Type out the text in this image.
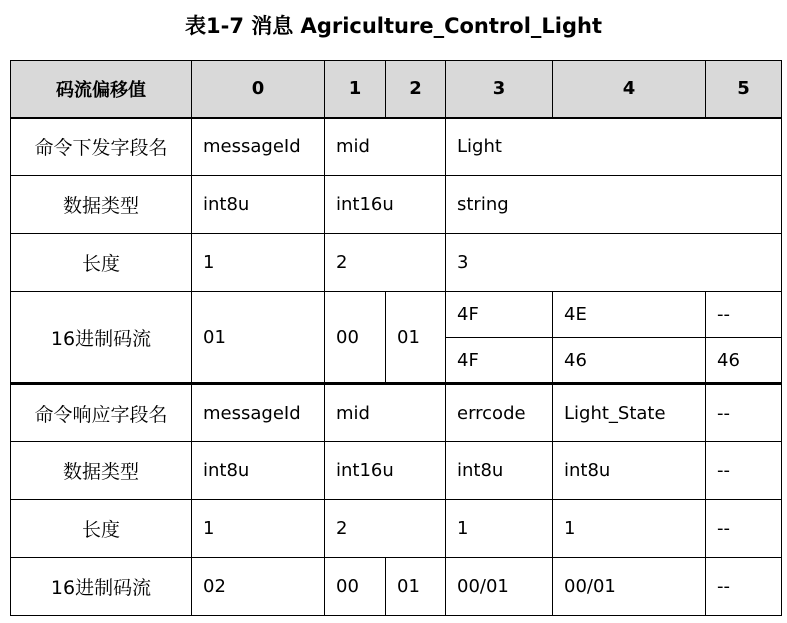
表1-7 消息 Agriculture_Control_Light
码流偏移值	0	1	2	3	4	5
命令下发字段名	messageId	mid		Light		
数据类型	int8u	int16u		string		
长度	1	2		3		
16进制码流	01	00	01	4F	4E	--
				4F	46	46
命令响应字段名	messageId	mid		errcode	Light_State	--
数据类型	int8u	int16u		int8u	int8u	--
长度	1	2		1	1	--
16进制码流	02	00	01	00/01	00/01	--
